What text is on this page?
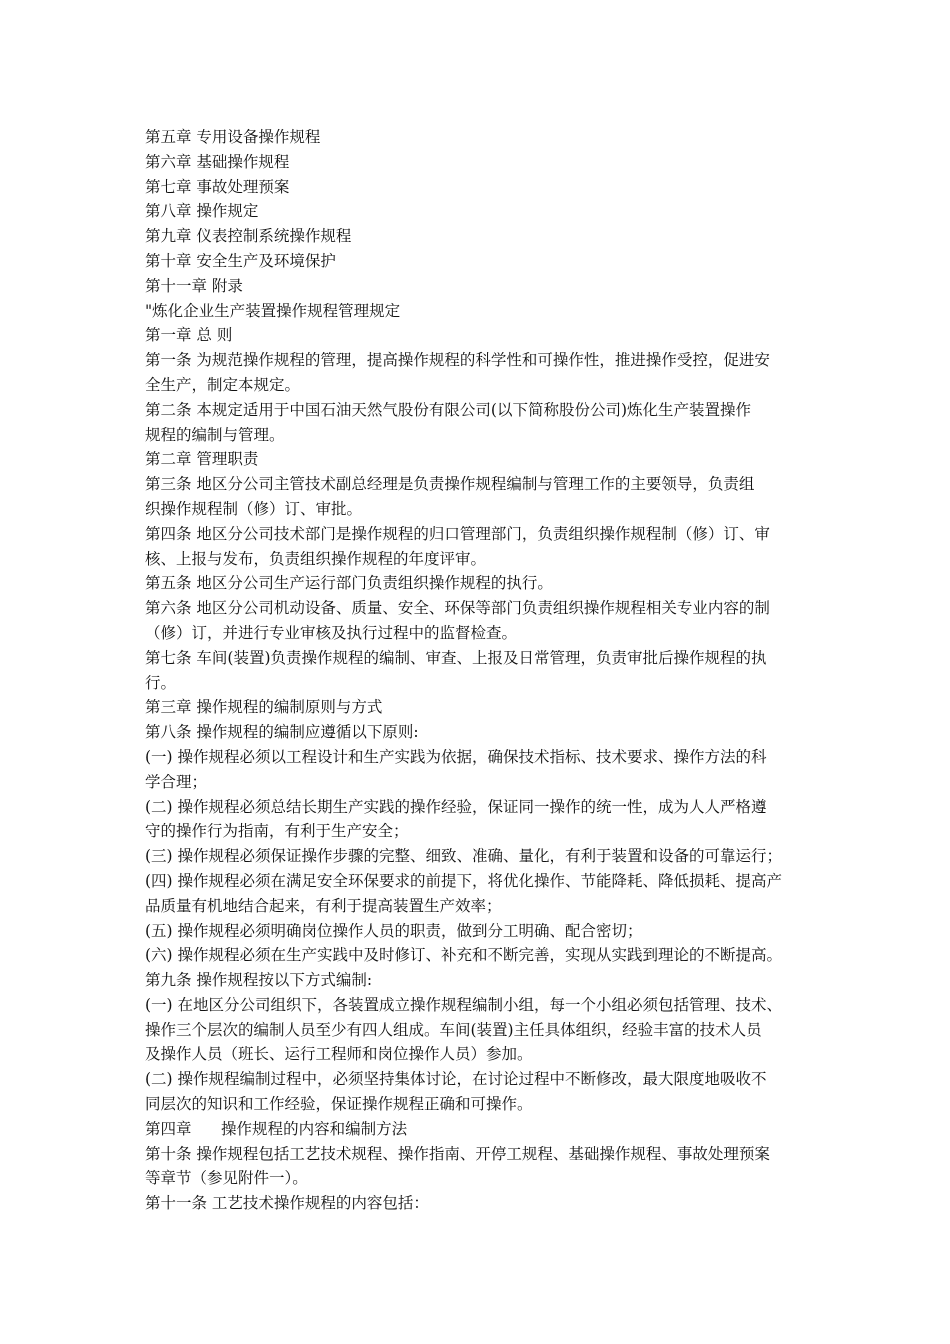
第五章 专用设备操作规程
第六章 基础操作规程
第七章 事故处理预案
第八章 操作规定
第九章 仪表控制系统操作规程
第十章 安全生产及环境保护
第十一章 附录
"炼化企业生产装置操作规程管理规定
第一章 总 则
第一条 为规范操作规程的管理，提高操作规程的科学性和可操作性，推进操作受控，促进安
全生产，制定本规定。
第二条 本规定适用于中国石油天然气股份有限公司(以下简称股份公司)炼化生产装置操作
规程的编制与管理。
第二章 管理职责
第三条 地区分公司主管技术副总经理是负责操作规程编制与管理工作的主要领导，负责组
织操作规程制（修）订、审批。
第四条 地区分公司技术部门是操作规程的归口管理部门，负责组织操作规程制（修）订、审
核、上报与发布，负责组织操作规程的年度评审。
第五条 地区分公司生产运行部门负责组织操作规程的执行。
第六条 地区分公司机动设备、质量、安全、环保等部门负责组织操作规程相关专业内容的制
（修）订，并进行专业审核及执行过程中的监督检查。
第七条 车间(装置)负责操作规程的编制、审查、上报及日常管理，负责审批后操作规程的执
行。
第三章 操作规程的编制原则与方式
第八条 操作规程的编制应遵循以下原则:
(一) 操作规程必须以工程设计和生产实践为依据，确保技术指标、技术要求、操作方法的科
学合理；
(二) 操作规程必须总结长期生产实践的操作经验，保证同一操作的统一性，成为人人严格遵
守的操作行为指南，有利于生产安全；
(三) 操作规程必须保证操作步骤的完整、细致、准确、量化，有利于装置和设备的可靠运行；
(四) 操作规程必须在满足安全环保要求的前提下，将优化操作、节能降耗、降低损耗、提高产
品质量有机地结合起来，有利于提高装置生产效率；
(五) 操作规程必须明确岗位操作人员的职责，做到分工明确、配合密切；
(六) 操作规程必须在生产实践中及时修订、补充和不断完善，实现从实践到理论的不断提高。
第九条 操作规程按以下方式编制:
(一) 在地区分公司组织下，各装置成立操作规程编制小组，每一个小组必须包括管理、技术、
操作三个层次的编制人员至少有四人组成。车间(装置)主任具体组织，经验丰富的技术人员
及操作人员（班长、运行工程师和岗位操作人员）参加。
(二) 操作规程编制过程中，必须坚持集体讨论，在讨论过程中不断修改，最大限度地吸收不
同层次的知识和工作经验，保证操作规程正确和可操作。
第四章      操作规程的内容和编制方法
第十条 操作规程包括工艺技术规程、操作指南、开停工规程、基础操作规程、事故处理预案
等章节（参见附件一）。
第十一条 工艺技术操作规程的内容包括：
